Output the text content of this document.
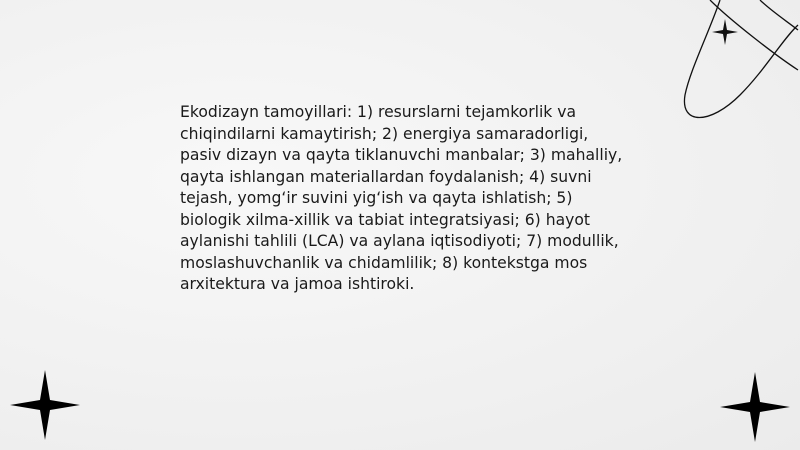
Ekodizayn tamoyillari: 1) resurslarni tejamkorlik va chiqindilarni kamaytirish; 2) energiya samaradorligi, pasiv dizayn va qayta tiklanuvchi manbalar; 3) mahalliy, qayta ishlangan materiallardan foydalanish; 4) suvni tejash, yomg‘ir suvini yig‘ish va qayta ishlatish; 5) biologik xilma-xillik va tabiat integratsiyasi; 6) hayot aylanishi tahlili (LCA) va aylana iqtisodiyoti; 7) modullik, moslashuvchanlik va chidamlilik; 8) kontekstga mos arxitektura va jamoa ishtiroki.
